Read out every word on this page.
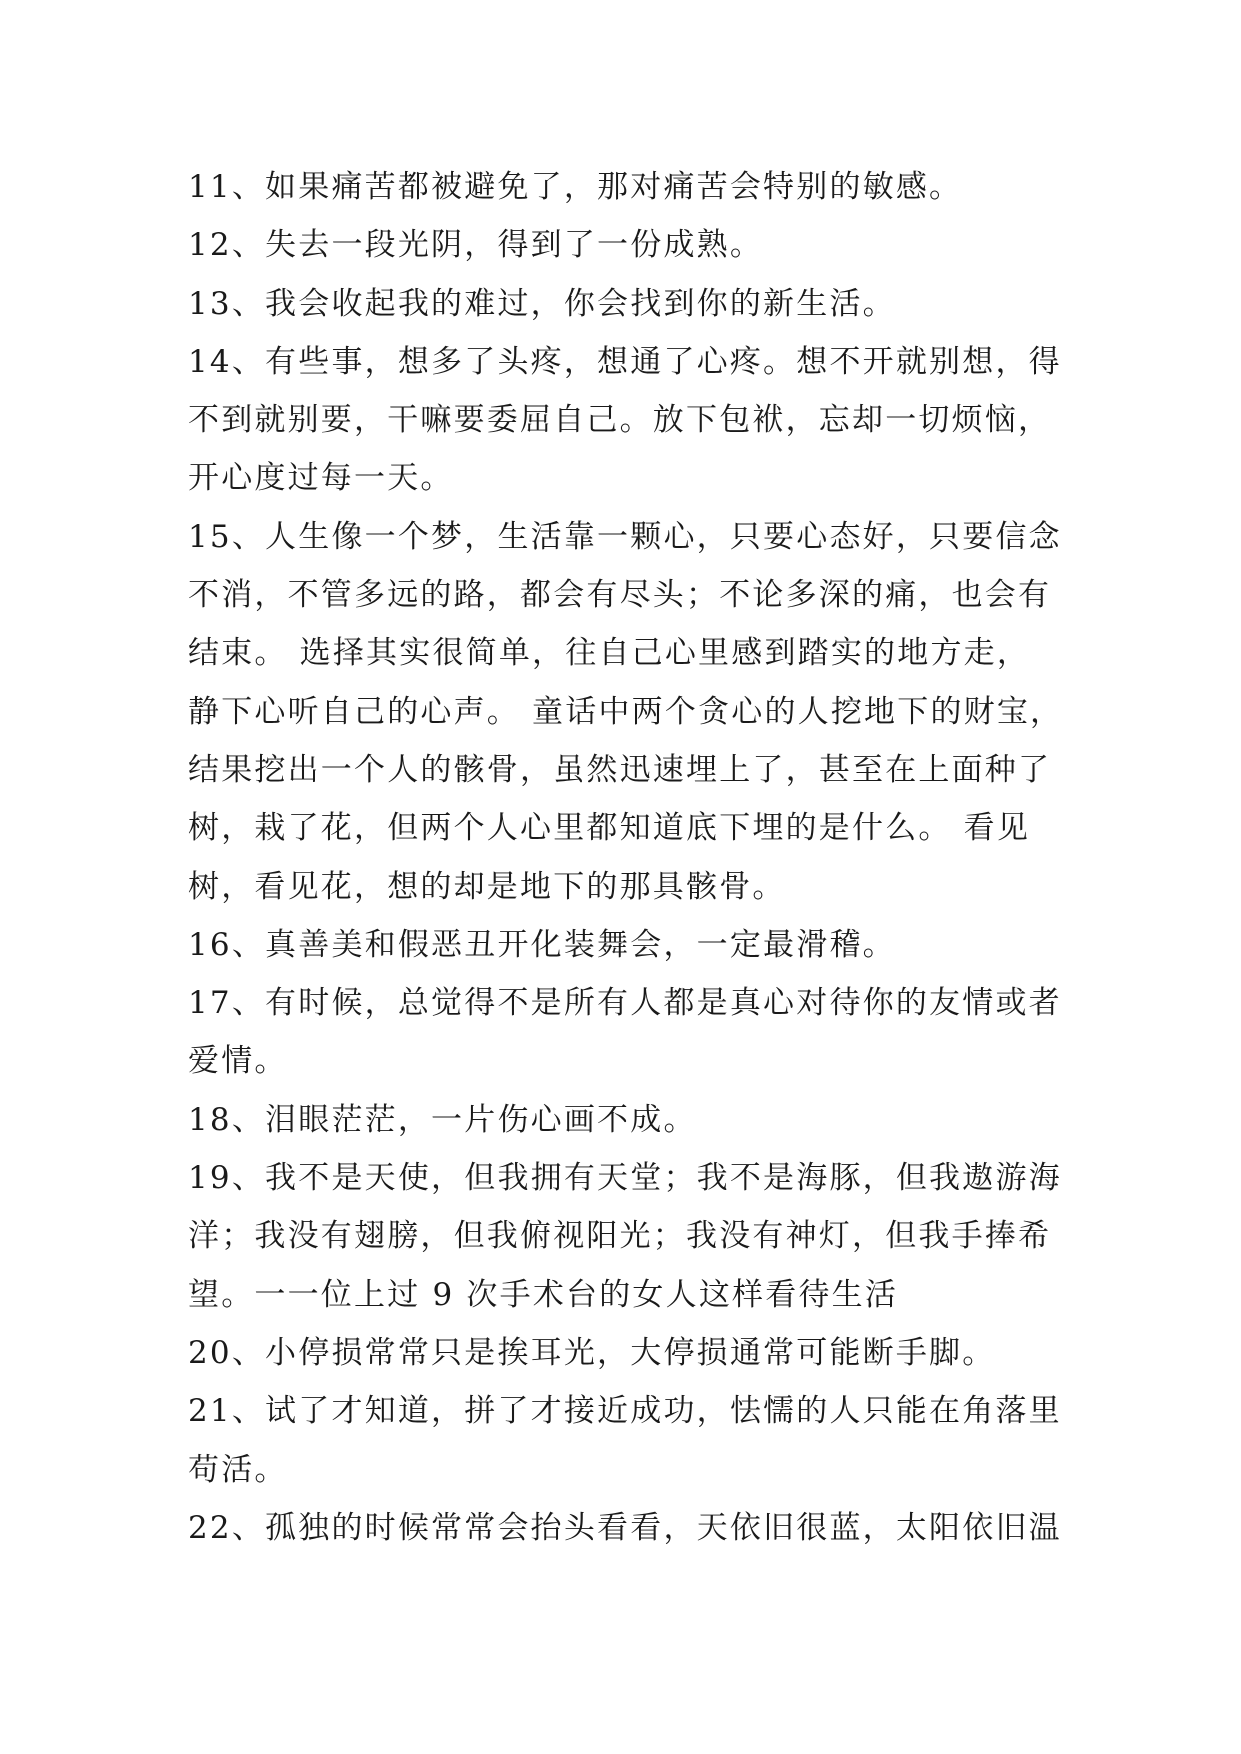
11、如果痛苦都被避免了，那对痛苦会特别的敏感。
12、失去一段光阴，得到了一份成熟。
13、我会收起我的难过，你会找到你的新生活。
14、有些事，想多了头疼，想通了心疼。想不开就别想，得
不到就别要，干嘛要委屈自己。放下包袱，忘却一切烦恼，
开心度过每一天。
15、人生像一个梦，生活靠一颗心，只要心态好，只要信念
不消，不管多远的路，都会有尽头；不论多深的痛，也会有
结束。 选择其实很简单，往自己心里感到踏实的地方走，
静下心听自己的心声。 童话中两个贪心的人挖地下的财宝，
结果挖出一个人的骸骨，虽然迅速埋上了，甚至在上面种了
树，栽了花，但两个人心里都知道底下埋的是什么。 看见
树，看见花，想的却是地下的那具骸骨。
16、真善美和假恶丑开化装舞会，一定最滑稽。
17、有时候，总觉得不是所有人都是真心对待你的友情或者
爱情。
18、泪眼茫茫，一片伤心画不成。
19、我不是天使，但我拥有天堂；我不是海豚，但我遨游海
洋；我没有翅膀，但我俯视阳光；我没有神灯，但我手捧希
望。一一位上过 9 次手术台的女人这样看待生活
20、小停损常常只是挨耳光，大停损通常可能断手脚。
21、试了才知道，拼了才接近成功，怯懦的人只能在角落里
苟活。
22、孤独的时候常常会抬头看看，天依旧很蓝，太阳依旧温
